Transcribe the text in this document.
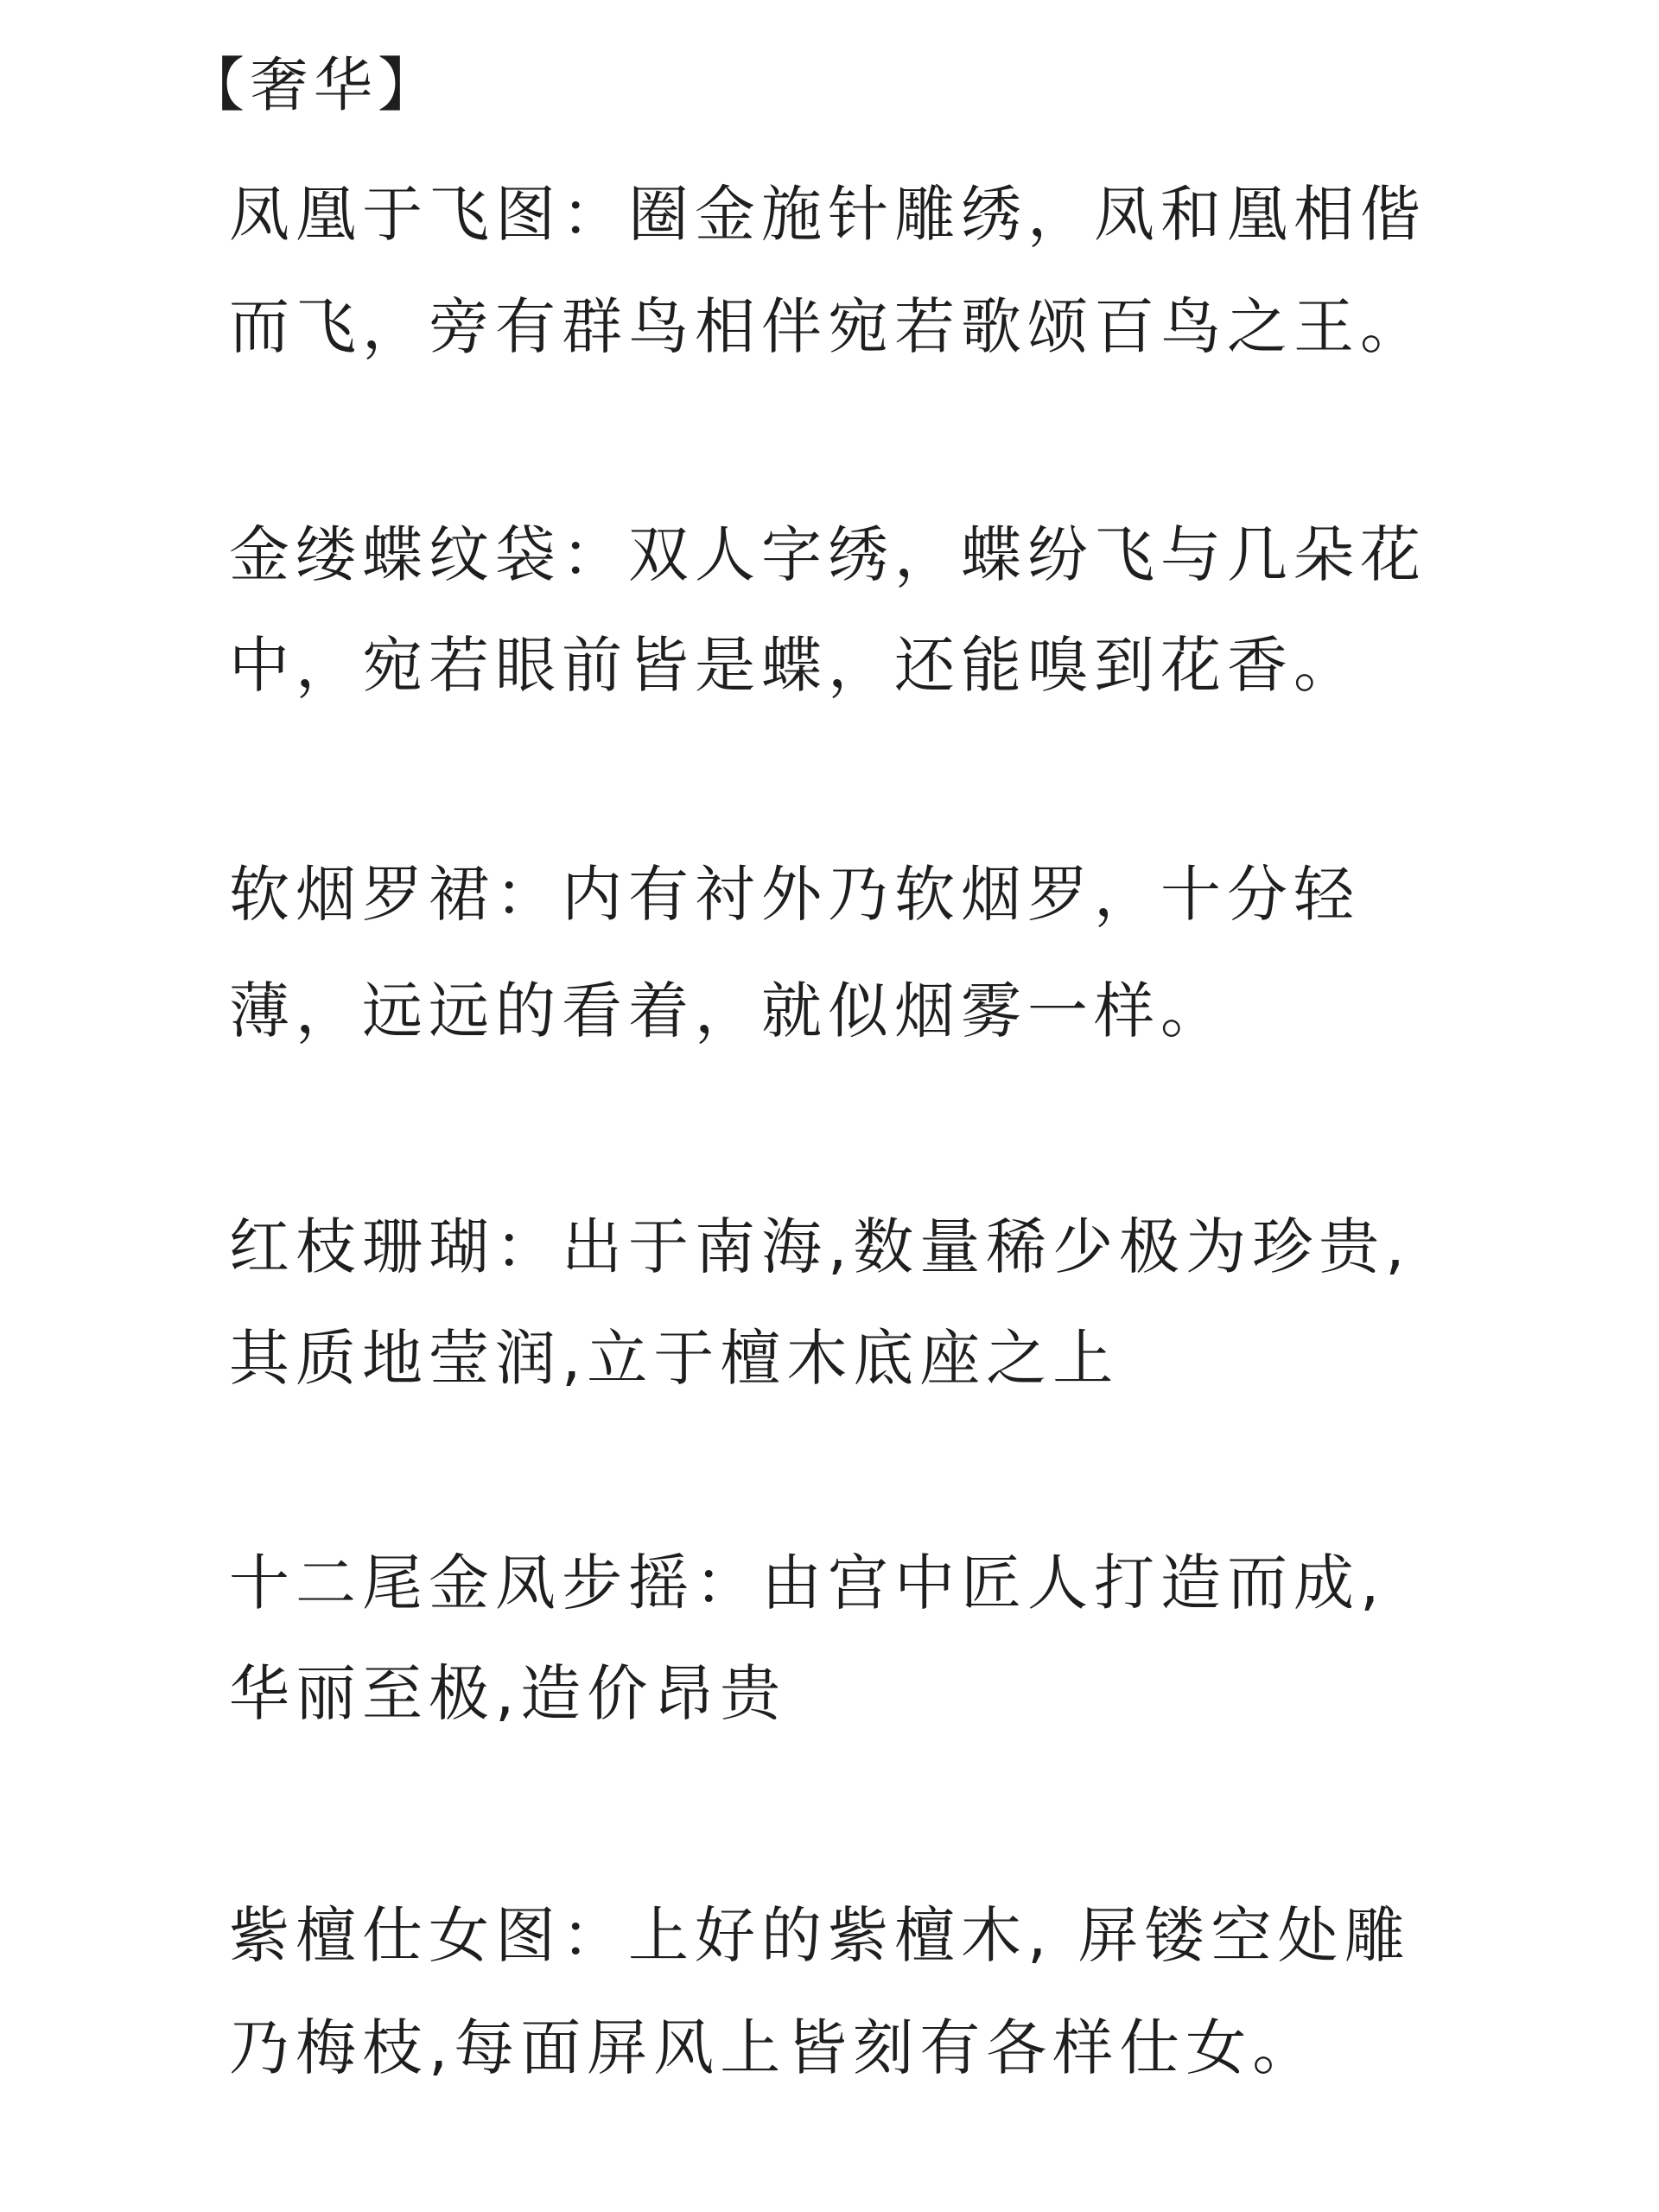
【奢华】
凤凰于飞图：圈金施针雕绣，凤和凰相偕
而飞，旁有群鸟相伴宛若歌颂百鸟之王。
金缕蝶纹袋：双人字绣，蝶纷飞与几朵花
中，宛若眼前皆是蝶，还能嗅到花香。
软烟罗裙：内有衬外乃软烟罗，十分轻
薄，远远的看着，就似烟雾一样。
红枝珊瑚：出于南海,数量稀少极为珍贵,
其质地莹润,立于檀木底座之上
十二尾金凤步摇：由宫中匠人打造而成,
华丽至极,造价昂贵
紫檀仕女图：上好的紫檀木, 屏镂空处雕
乃梅枝,每面屏风上皆刻有各样仕女。
